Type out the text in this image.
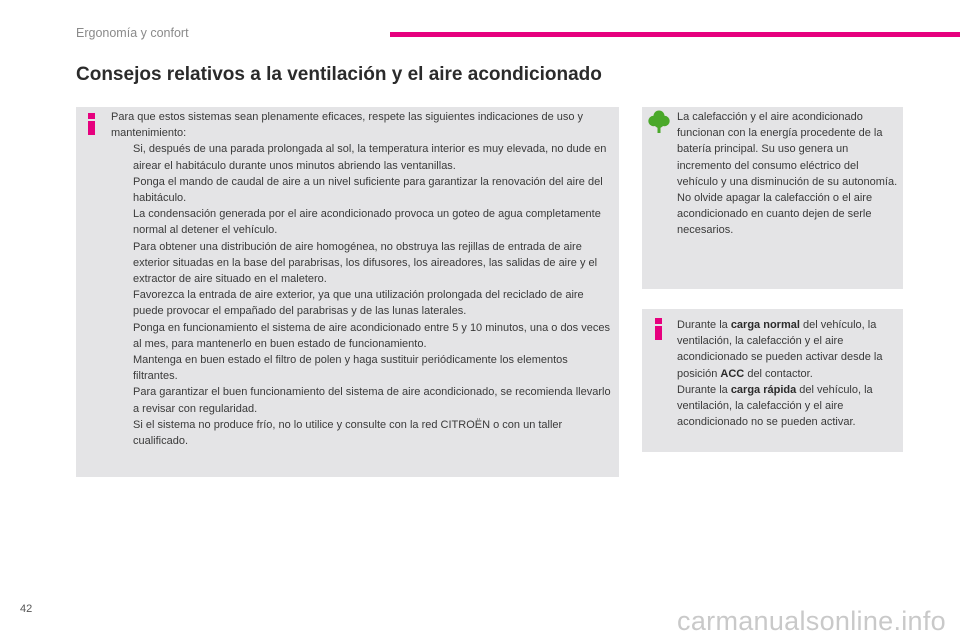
Ergonomía y confort
Consejos relativos a la ventilación y el aire acondicionado

Para que estos sistemas sean plenamente eficaces, respete las siguientes indicaciones de uso y mantenimiento:

Si, después de una parada prolongada al sol, la temperatura interior es muy elevada, no dude en airear el habitáculo durante unos minutos abriendo las ventanillas.
Ponga el mando de caudal de aire a un nivel suficiente para garantizar la renovación del aire del habitáculo.
La condensación generada por el aire acondicionado provoca un goteo de agua completamente normal al detener el vehículo.
Para obtener una distribución de aire homogénea, no obstruya las rejillas de entrada de aire exterior situadas en la base del parabrisas, los difusores, los aireadores, las salidas de aire y el extractor de aire situado en el maletero.
Favorezca la entrada de aire exterior, ya que una utilización prolongada del reciclado de aire puede provocar el empañado del parabrisas y de las lunas laterales.
Ponga en funcionamiento el sistema de aire acondicionado entre 5 y 10 minutos, una o dos veces al mes, para mantenerlo en buen estado de funcionamiento.
Mantenga en buen estado el filtro de polen y haga sustituir periódicamente los elementos filtrantes.
Para garantizar el buen funcionamiento del sistema de aire acondicionado, se recomienda llevarlo a revisar con regularidad.
Si el sistema no produce frío, no lo utilice y consulte con la red CITROËN o con un taller cualificado.

La calefacción y el aire acondicionado funcionan con la energía procedente de la batería principal. Su uso genera un incremento del consumo eléctrico del vehículo y una disminución de su autonomía.

No olvide apagar la calefacción o el aire acondicionado en cuanto dejen de serle necesarios.

Durante la carga normal del vehículo, la ventilación, la calefacción y el aire acondicionado se pueden activar desde la posición ACC del contactor.

Durante la carga rápida del vehículo, la ventilación, la calefacción y el aire acondicionado no se pueden activar.

42	carmanualsonline.info
